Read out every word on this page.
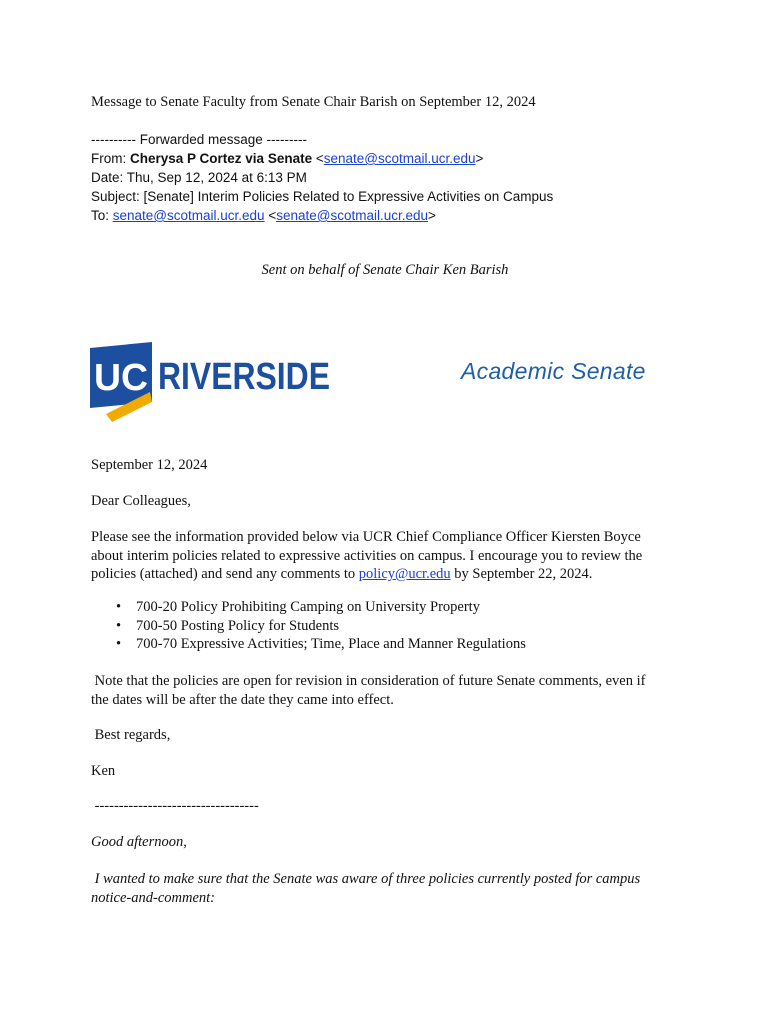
Message to Senate Faculty from Senate Chair Barish on September 12, 2024
---------- Forwarded message ---------
From: Cherysa P Cortez via Senate <senate@scotmail.ucr.edu>
Date: Thu, Sep 12, 2024 at 6:13 PM
Subject: [Senate] Interim Policies Related to Expressive Activities on Campus
To: senate@scotmail.ucr.edu <senate@scotmail.ucr.edu>
Sent on behalf of Senate Chair Ken Barish
UC RIVERSIDE	Academic Senate
September 12, 2024
Dear Colleagues,
Please see the information provided below via UCR Chief Compliance Officer Kiersten Boyce
about interim policies related to expressive activities on campus. I encourage you to review the
policies (attached) and send any comments to policy@ucr.edu by September 22, 2024.
• 700-20 Policy Prohibiting Camping on University Property
• 700-50 Posting Policy for Students
• 700-70 Expressive Activities; Time, Place and Manner Regulations
Note that the policies are open for revision in consideration of future Senate comments, even if
the dates will be after the date they came into effect.
Best regards,
Ken
----------------------------------
Good afternoon,
I wanted to make sure that the Senate was aware of three policies currently posted for campus
notice-and-comment:
